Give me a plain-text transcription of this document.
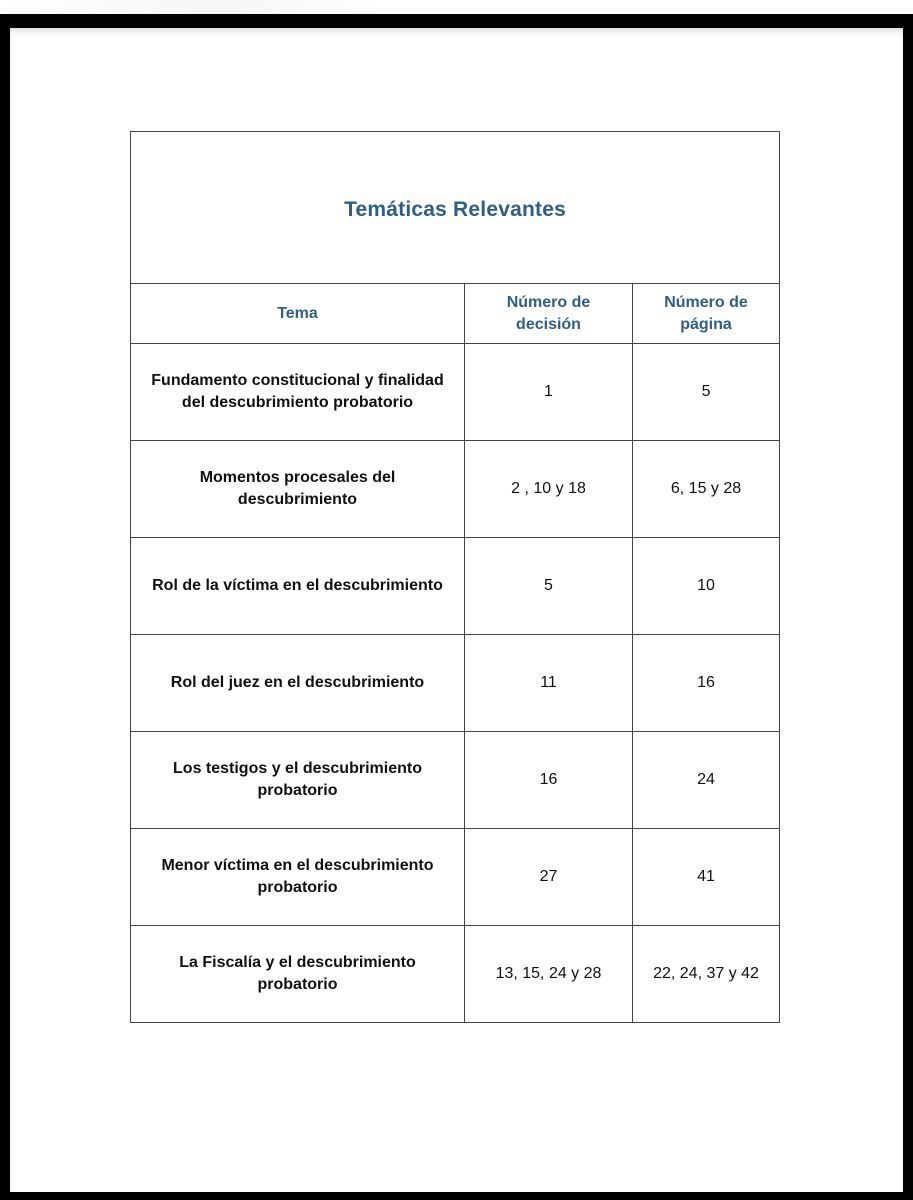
Temáticas Relevantes		
Tema	Número de decisión	Número de página
Fundamento constitucional y finalidad del descubrimiento probatorio	1	5
Momentos procesales del descubrimiento	2 , 10 y 18	6, 15 y 28
Rol de la víctima en el descubrimiento	5	10
Rol del juez en el descubrimiento	11	16
Los testigos y el descubrimiento probatorio	16	24
Menor víctima en el descubrimiento probatorio	27	41
La Fiscalía y el descubrimiento probatorio	13, 15, 24 y 28	22, 24, 37 y 42
